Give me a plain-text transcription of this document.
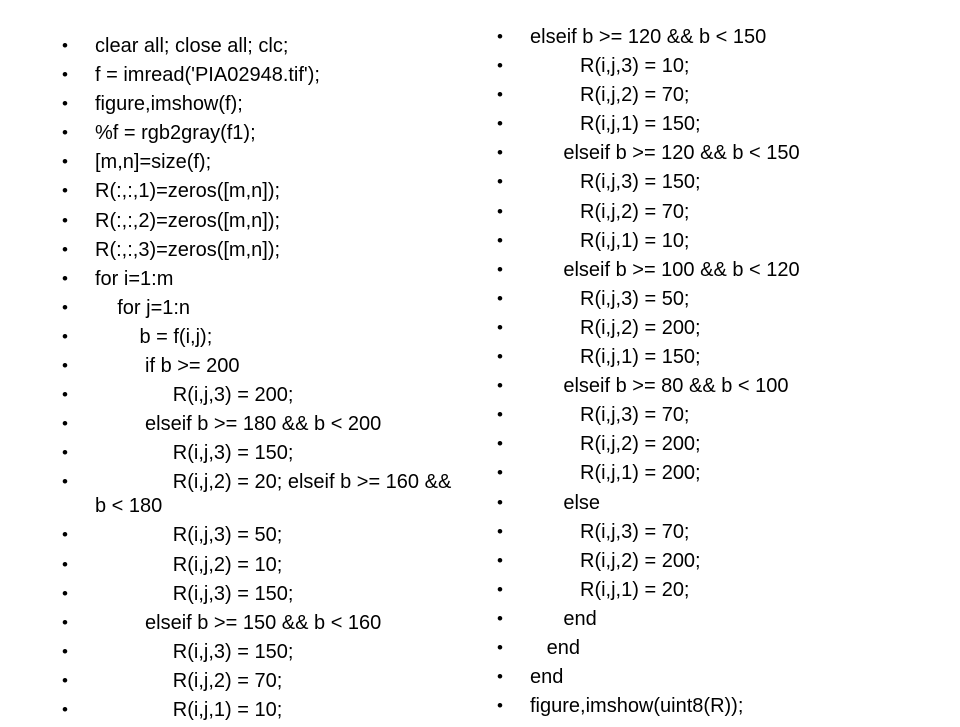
• clear all; close all; clc;
• f = imread('PIA02948.tif');
• figure,imshow(f);
• %f = rgb2gray(f1);
• [m,n]=size(f);
• R(:,:,1)=zeros([m,n]);
• R(:,:,2)=zeros([m,n]);
• R(:,:,3)=zeros([m,n]);
• for i=1:m
• for j=1:n
• b = f(i,j);
• if b >= 200
• R(i,j,3) = 200;
• elseif b >= 180 && b < 200
• R(i,j,3) = 150;
• R(i,j,2) = 20; elseif b >= 160 && b < 180
• R(i,j,3) = 50;
• R(i,j,2) = 10;
• R(i,j,3) = 150;
• elseif b >= 150 && b < 160
• R(i,j,3) = 150;
• R(i,j,2) = 70;
• R(i,j,1) = 10;
• elseif b >= 120 && b < 150
• R(i,j,3) = 10;
• R(i,j,2) = 70;
• R(i,j,1) = 150;
• elseif b >= 120 && b < 150
• R(i,j,3) = 150;
• R(i,j,2) = 70;
• R(i,j,1) = 10;
• elseif b >= 100 && b < 120
• R(i,j,3) = 50;
• R(i,j,2) = 200;
• R(i,j,1) = 150;
• elseif b >= 80 && b < 100
• R(i,j,3) = 70;
• R(i,j,2) = 200;
• R(i,j,1) = 200;
• else
• R(i,j,3) = 70;
• R(i,j,2) = 200;
• R(i,j,1) = 20;
• end
• end
• end
• figure,imshow(uint8(R));
